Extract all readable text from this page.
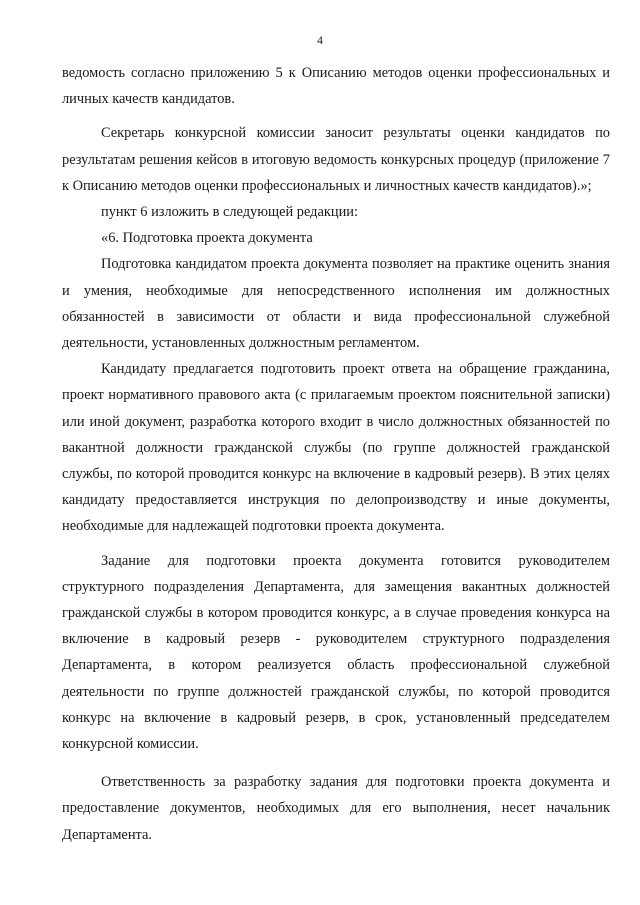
4

ведомость согласно приложению 5 к Описанию методов оценки профессиональных и личных качеств кандидатов.

Секретарь конкурсной комиссии заносит результаты оценки кандидатов по результатам решения кейсов в итоговую ведомость конкурсных процедур (приложение 7 к Описанию методов оценки профессиональных и личностных качеств кандидатов).»;

пункт 6 изложить в следующей редакции:

«6. Подготовка проекта документа

Подготовка кандидатом проекта документа позволяет на практике оценить знания и умения, необходимые для непосредственного исполнения им должностных обязанностей в зависимости от области и вида профессиональной служебной деятельности, установленных должностным регламентом.

Кандидату предлагается подготовить проект ответа на обращение гражданина, проект нормативного правового акта (с прилагаемым проектом пояснительной записки) или иной документ, разработка которого входит в число должностных обязанностей по вакантной должности гражданской службы (по группе должностей гражданской службы, по которой проводится конкурс на включение в кадровый резерв). В этих целях кандидату предоставляется инструкция по делопроизводству и иные документы, необходимые для надлежащей подготовки проекта документа.

Задание для подготовки проекта документа готовится руководителем структурного подразделения Департамента, для замещения вакантных должностей гражданской службы в котором проводится конкурс, а в случае проведения конкурса на включение в кадровый резерв - руководителем структурного подразделения Департамента, в котором реализуется область профессиональной служебной деятельности по группе должностей гражданской службы, по которой проводится конкурс на включение в кадровый резерв, в срок, установленный председателем конкурсной комиссии.

Ответственность за разработку задания для подготовки проекта документа и предоставление документов, необходимых для его выполнения, несет начальник Департамента.
